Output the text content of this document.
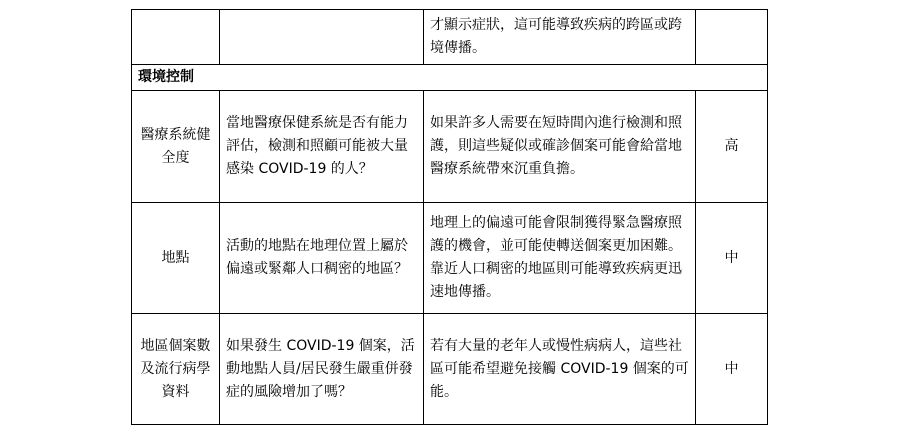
		才顯示症狀，這可能導致疾病的跨區或跨境傳播。	

環境控制			

醫療系統健全度	當地醫療保健系統是否有能力評估，檢測和照顧可能被大量感染 COVID-19 的人？	如果許多人需要在短時間內進行檢測和照護，則這些疑似或確診個案可能會給當地醫療系統帶來沉重負擔。	高

地點	活動的地點在地理位置上屬於偏遠或緊鄰人口稠密的地區？	地理上的偏遠可能會限制獲得緊急醫療照護的機會，並可能使轉送個案更加困難。 靠近人口稠密的地區則可能導致疾病更迅速地傳播。	中

地區個案數及流行病學資料	如果發生 COVID-19 個案，活動地點人員/居民發生嚴重併發症的風險增加了嗎？	若有大量的老年人或慢性病病人，這些社區可能希望避免接觸 COVID-19 個案的可能。	中
